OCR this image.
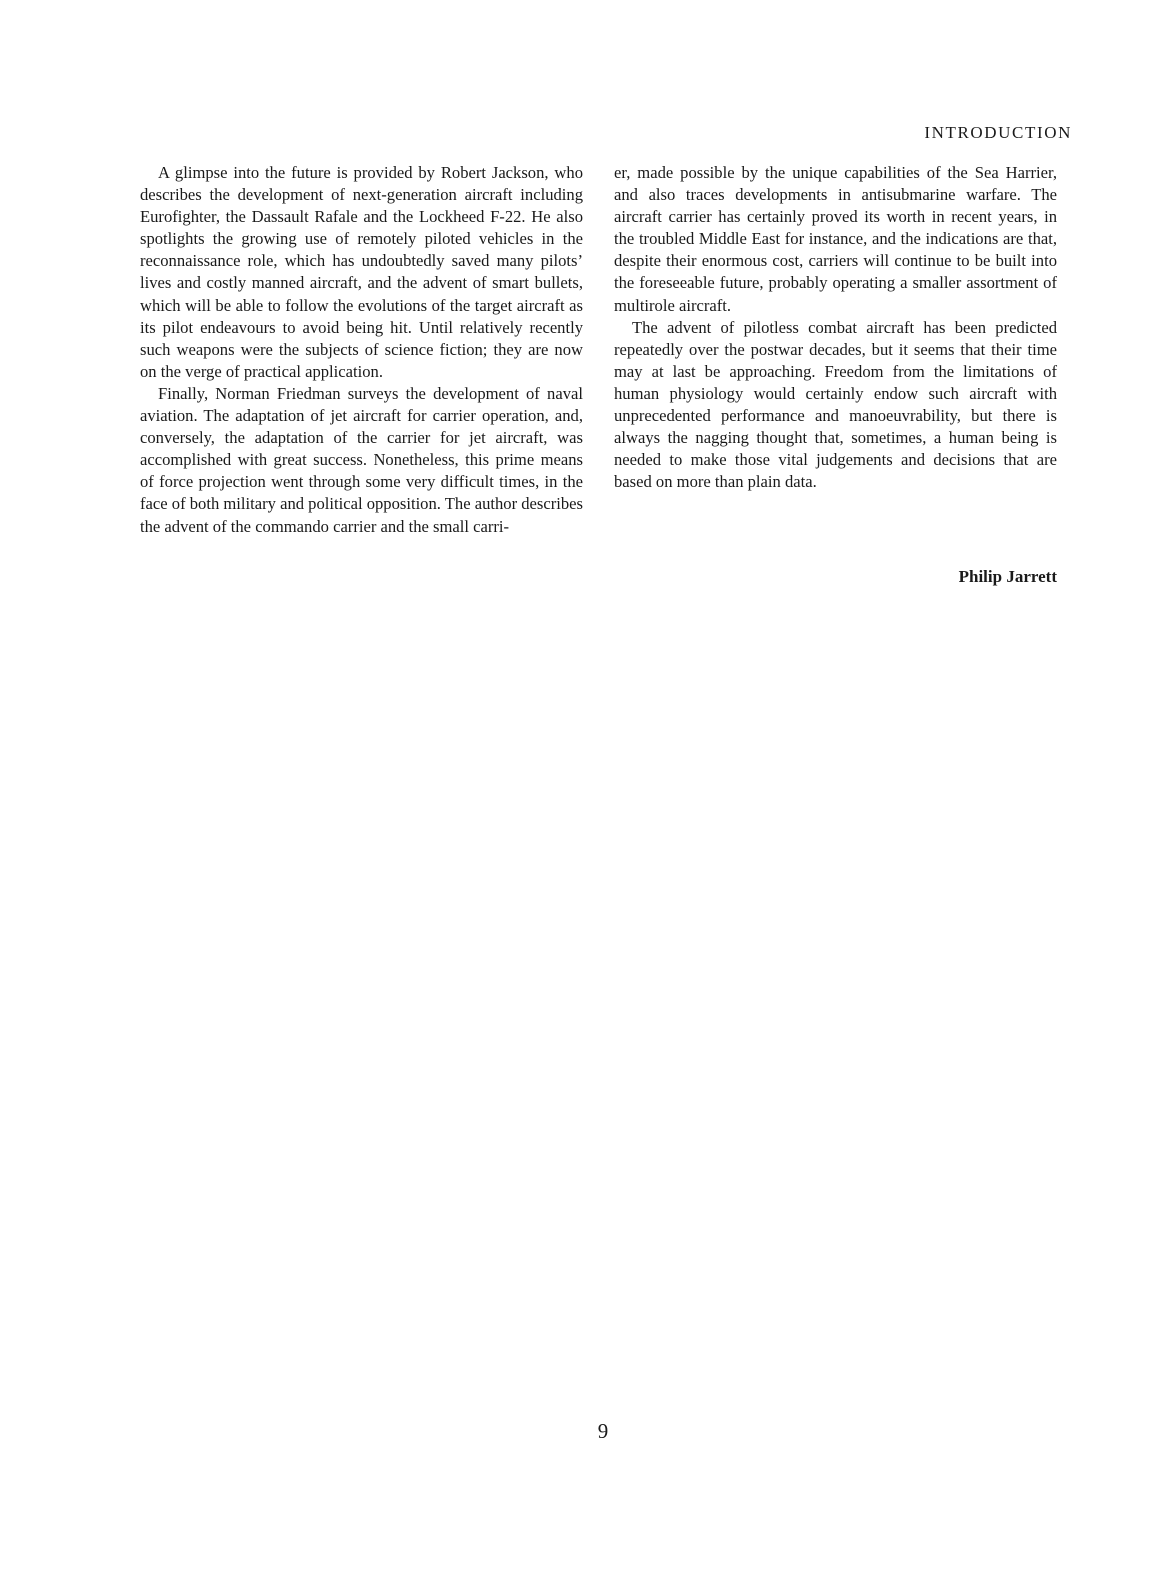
INTRODUCTION

A glimpse into the future is provided by Robert Jackson, who describes the development of next-generation aircraft including Eurofighter, the Dassault Rafale and the Lockheed F-22. He also spotlights the growing use of remotely piloted vehicles in the reconnaissance role, which has undoubtedly saved many pilots’ lives and costly manned aircraft, and the advent of smart bullets, which will be able to follow the evolutions of the target aircraft as its pilot endeavours to avoid being hit. Until relatively recently such weapons were the subjects of science fiction; they are now on the verge of practical application.

Finally, Norman Friedman surveys the development of naval aviation. The adaptation of jet aircraft for carrier operation, and, conversely, the adaptation of the carrier for jet aircraft, was accomplished with great success. Nonetheless, this prime means of force projection went through some very difficult times, in the face of both military and political opposition. The author describes the advent of the commando carrier and the small carri-

er, made possible by the unique capabilities of the Sea Harrier, and also traces developments in antisubmarine warfare. The aircraft carrier has certainly proved its worth in recent years, in the troubled Middle East for instance, and the indications are that, despite their enormous cost, carriers will continue to be built into the foreseeable future, probably operating a smaller assortment of multirole aircraft.

The advent of pilotless combat aircraft has been predicted repeatedly over the postwar decades, but it seems that their time may at last be approaching. Freedom from the limitations of human physiology would certainly endow such aircraft with unprecedented performance and manoeuvrability, but there is always the nagging thought that, sometimes, a human being is needed to make those vital judgements and decisions that are based on more than plain data.

Philip Jarrett
9
